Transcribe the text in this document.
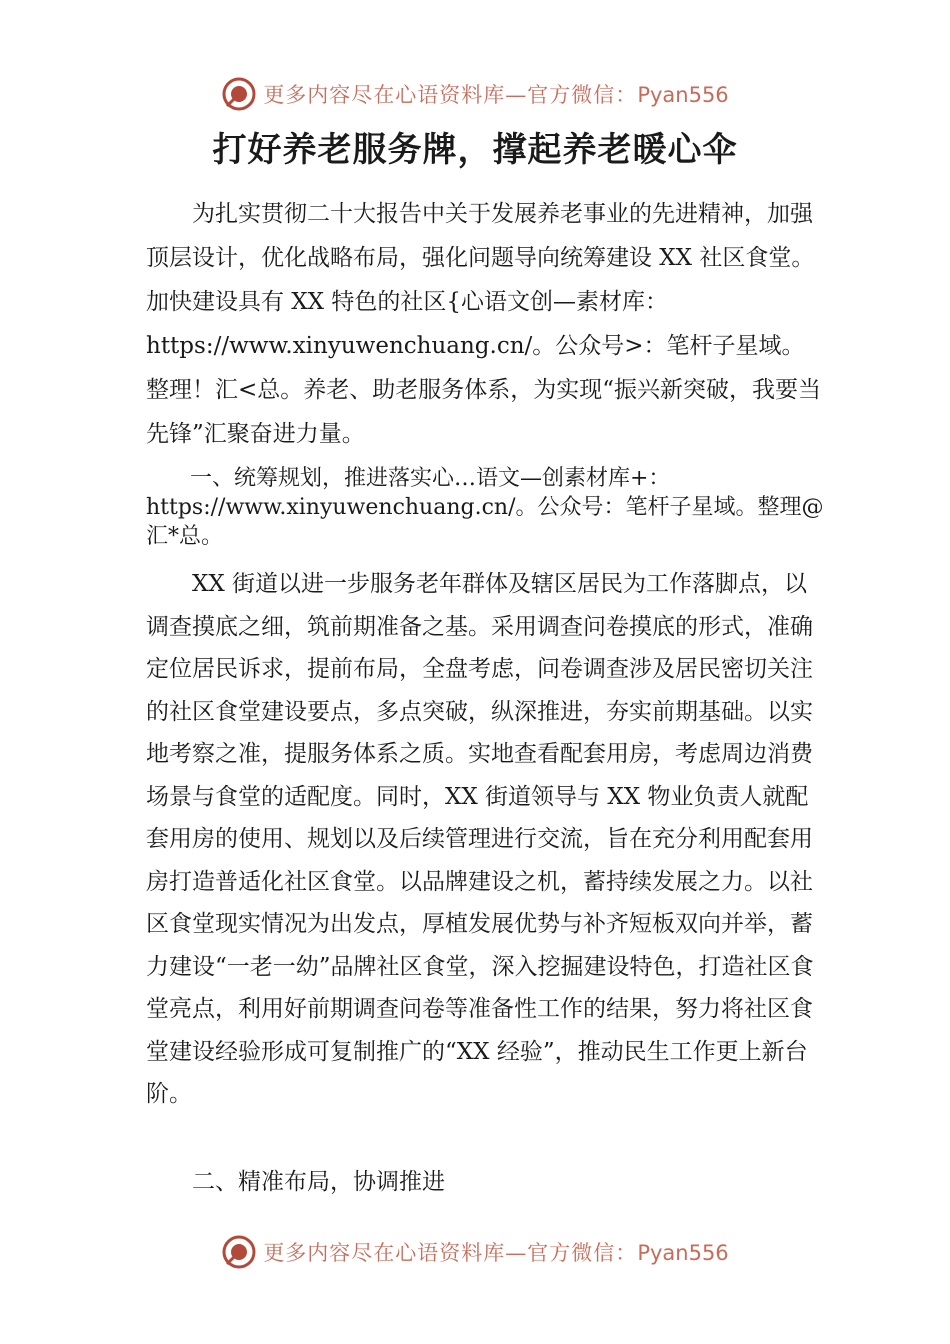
更多内容尽在心语资料库—官方微信：Pyan556
打好养老服务牌，撑起养老暖心伞

为扎实贯彻二十大报告中关于发展养老事业的先进精神，加强顶层设计，优化战略布局，强化问题导向统筹建设 XX 社区食堂。加快建设具有 XX 特色的社区{心语文创—素材库：https://www.xinyuwenchuang.cn/。公众号>：笔杆子星域。整理！汇<总。养老、助老服务体系，为实现“振兴新突破，我要当先锋”汇聚奋进力量。

一、统筹规划，推进落实心…语文—创素材库+：https://www.xinyuwenchuang.cn/。公众号：笔杆子星域。整理@汇*总。

XX 街道以进一步服务老年群体及辖区居民为工作落脚点，以调查摸底之细，筑前期准备之基。采用调查问卷摸底的形式，准确定位居民诉求，提前布局，全盘考虑，问卷调查涉及居民密切关注的社区食堂建设要点，多点突破，纵深推进，夯实前期基础。以实地考察之准，提服务体系之质。实地查看配套用房，考虑周边消费场景与食堂的适配度。同时，XX 街道领导与 XX 物业负责人就配套用房的使用、规划以及后续管理进行交流，旨在充分利用配套用房打造普适化社区食堂。以品牌建设之机，蓄持续发展之力。以社区食堂现实情况为出发点，厚植发展优势与补齐短板双向并举，蓄力建设“一老一幼”品牌社区食堂，深入挖掘建设特色，打造社区食堂亮点，利用好前期调查问卷等准备性工作的结果，努力将社区食堂建设经验形成可复制推广的“XX 经验”，推动民生工作更上新台阶。

二、精准布局，协调推进

更多内容尽在心语资料库—官方微信：Pyan556
